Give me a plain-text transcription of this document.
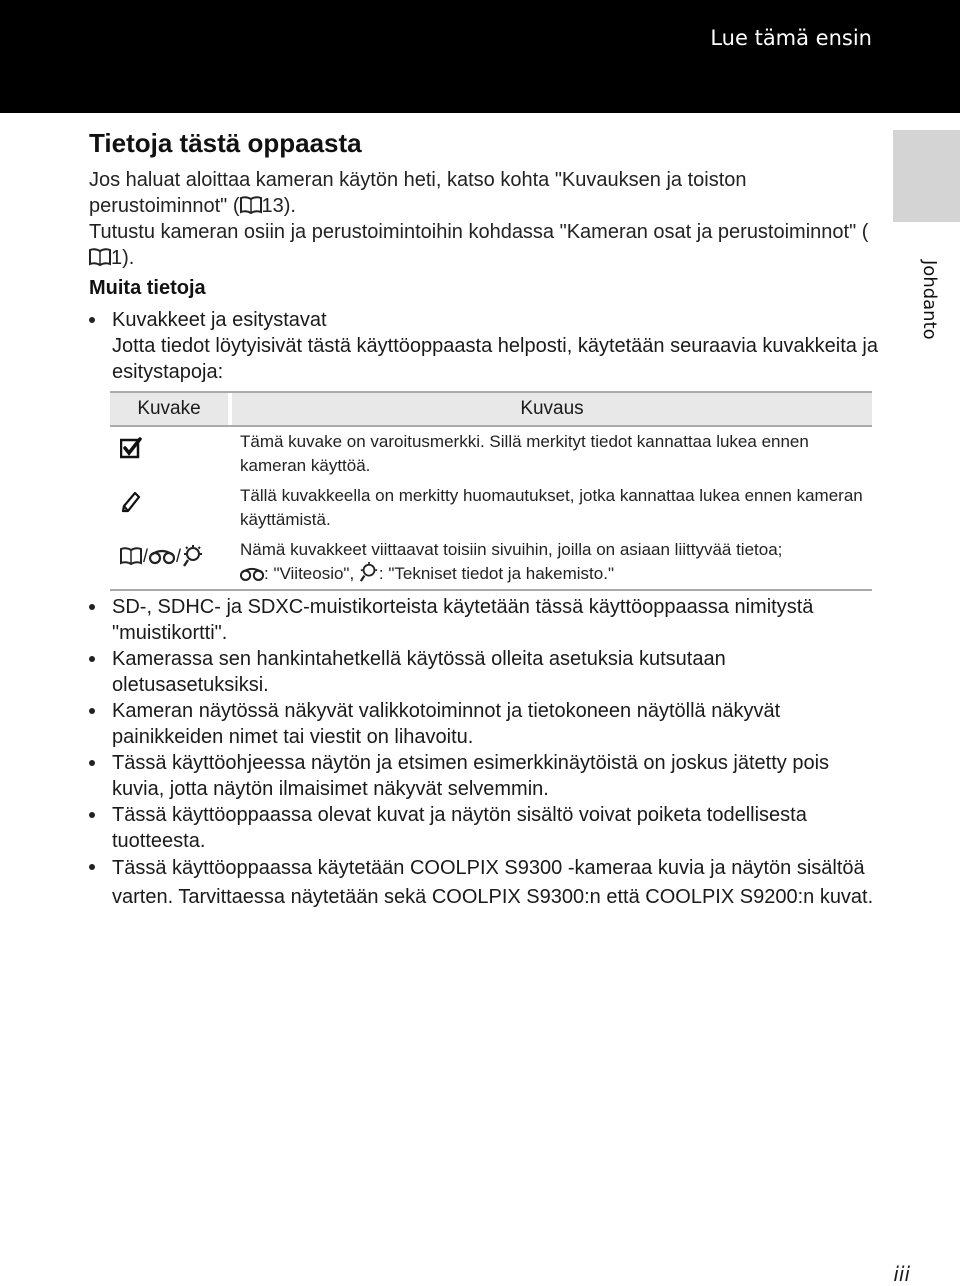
Lue tämä ensin
Johdanto
Tietoja tästä oppaasta

Jos haluat aloittaa kameran käytön heti, katso kohta "Kuvauksen ja toiston perustoiminnot" ( 13).

Tutustu kameran osiin ja perustoimintoihin kohdassa "Kameran osat ja perustoiminnot" (1).

Muita tietoja
Kuvakkeet ja esitystavat
Jotta tiedot löytyisivät tästä käyttöoppaasta helposti, käytetään seuraavia kuvakkeita ja esitystapoja:
Kuvake		Kuvaus
		Tämä kuvake on varoitusmerkki. Sillä merkityt tiedot kannattaa lukea ennen kameran käyttöä.
		Tällä kuvakkeella on merkitty huomautukset, jotka kannattaa lukea ennen kameran käyttämistä.

/ /		Nämä kuvakkeet viittaavat toisiin sivuihin, joilla on asiaan liittyvää tietoa;
: "Viiteosio", : "Tekniset tiedot ja hakemisto."
SD-, SDHC- ja SDXC-muistikorteista käytetään tässä käyttöoppaassa nimitystä "muistikortti".
Kamerassa sen hankintahetkellä käytössä olleita asetuksia kutsutaan oletusasetuksiksi.
Kameran näytössä näkyvät valikkotoiminnot ja tietokoneen näytöllä näkyvät painikkeiden nimet tai viestit on lihavoitu.
Tässä käyttöohjeessa näytön ja etsimen esimerkkinäytöistä on joskus jätetty pois kuvia, jotta näytön ilmaisimet näkyvät selvemmin.
Tässä käyttöoppaassa olevat kuvat ja näytön sisältö voivat poiketa todellisesta tuotteesta.
Tässä käyttöoppaassa käytetään COOLPIX S9300 -kameraa kuvia ja näytön sisältöä varten. Tarvittaessa näytetään sekä COOLPIX S9300:n että COOLPIX S9200:n kuvat.
iii
